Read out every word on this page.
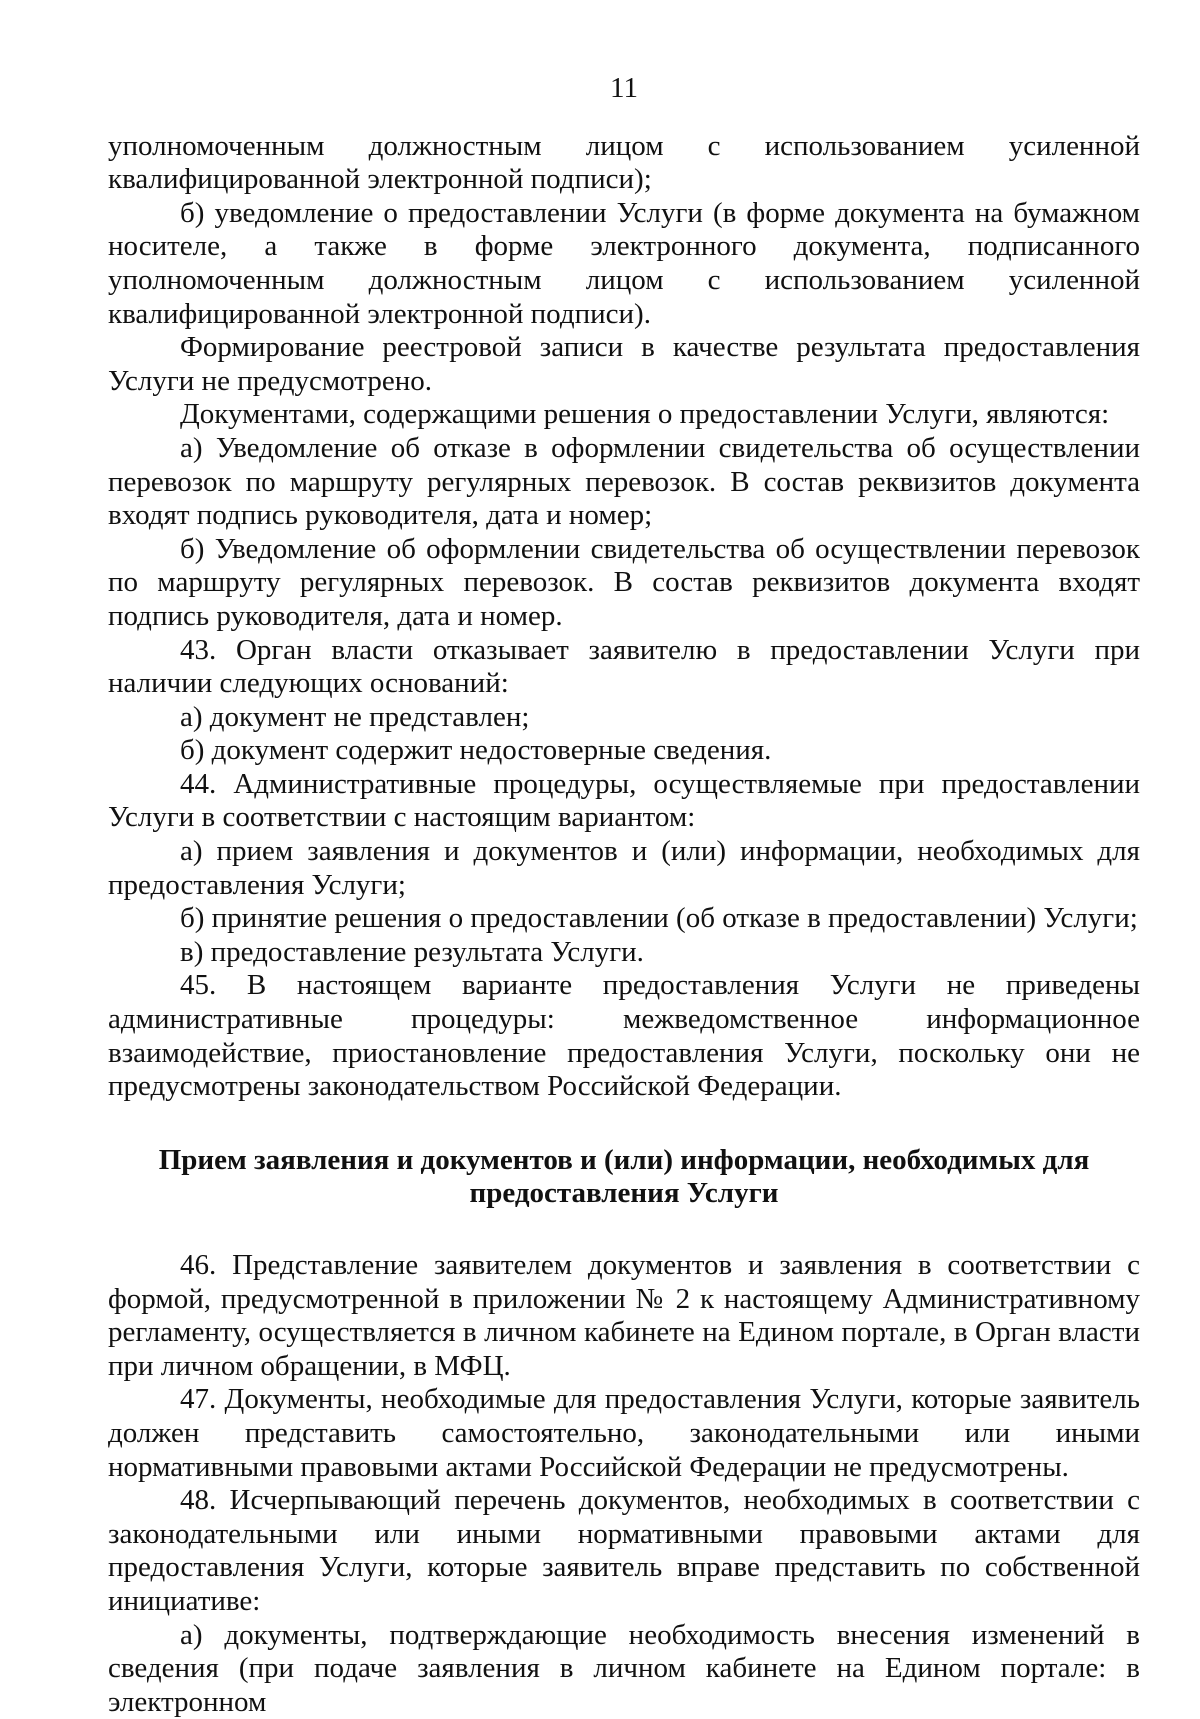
11

уполномоченным должностным лицом с использованием усиленной квалифицированной электронной подписи);

б) уведомление о предоставлении Услуги (в форме документа на бумажном носителе, а также в форме электронного документа, подписанного уполномоченным должностным лицом с использованием усиленной квалифицированной электронной подписи).

Формирование реестровой записи в качестве результата предоставления Услуги не предусмотрено.

Документами, содержащими решения о предоставлении Услуги, являются:

а) Уведомление об отказе в оформлении свидетельства об осуществлении перевозок по маршруту регулярных перевозок. В состав реквизитов документа входят подпись руководителя, дата и номер;

б) Уведомление об оформлении свидетельства об осуществлении перевозок по маршруту регулярных перевозок. В состав реквизитов документа входят подпись руководителя, дата и номер.

43. Орган власти отказывает заявителю в предоставлении Услуги при наличии следующих оснований:

а) документ не представлен;

б) документ содержит недостоверные сведения.

44. Административные процедуры, осуществляемые при предоставлении Услуги в соответствии с настоящим вариантом:

а) прием заявления и документов и (или) информации, необходимых для предоставления Услуги;

б) принятие решения о предоставлении (об отказе в предоставлении) Услуги;

в) предоставление результата Услуги.

45. В настоящем варианте предоставления Услуги не приведены административные процедуры: межведомственное информационное взаимодействие, приостановление предоставления Услуги, поскольку они не предусмотрены законодательством Российской Федерации.

Прием заявления и документов и (или) информации, необходимых для
предоставления Услуги

46. Представление заявителем документов и заявления в соответствии с формой, предусмотренной в приложении № 2 к настоящему Административному регламенту, осуществляется в личном кабинете на Едином портале, в Орган власти при личном обращении, в МФЦ.

47. Документы, необходимые для предоставления Услуги, которые заявитель должен представить самостоятельно, законодательными или иными нормативными правовыми актами Российской Федерации не предусмотрены.

48. Исчерпывающий перечень документов, необходимых в соответствии с законодательными или иными нормативными правовыми актами для предоставления Услуги, которые заявитель вправе представить по собственной инициативе:

а) документы, подтверждающие необходимость внесения изменений в сведения (при подаче заявления в личном кабинете на Едином портале: в электронном
